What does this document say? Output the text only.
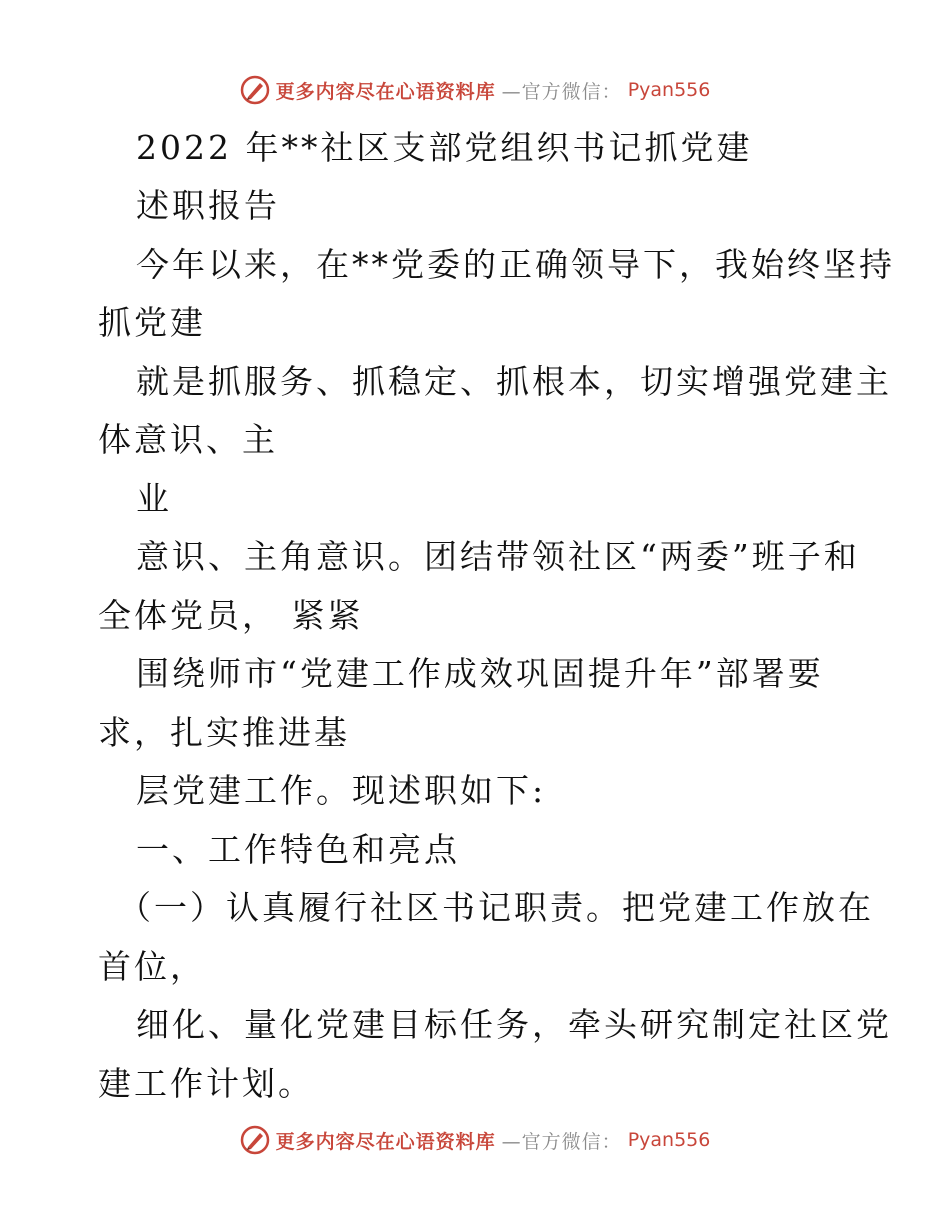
更多内容尽在心语资料库 —官方微信： Pyan556
2022 年**社区支部党组织书记抓党建
述职报告
今年以来，在**党委的正确领导下，我始终坚持
抓党建
就是抓服务、抓稳定、抓根本，切实增强党建主
体意识、主
业
意识、主角意识。团结带领社区“两委”班子和
全体党员， 紧紧
围绕师市“党建工作成效巩固提升年”部署要
求，扎实推进基
层党建工作。现述职如下:
一、工作特色和亮点
（一）认真履行社区书记职责。把党建工作放在
首位，
细化、量化党建目标任务，牵头研究制定社区党
建工作计划。
更多内容尽在心语资料库 —官方微信： Pyan556
